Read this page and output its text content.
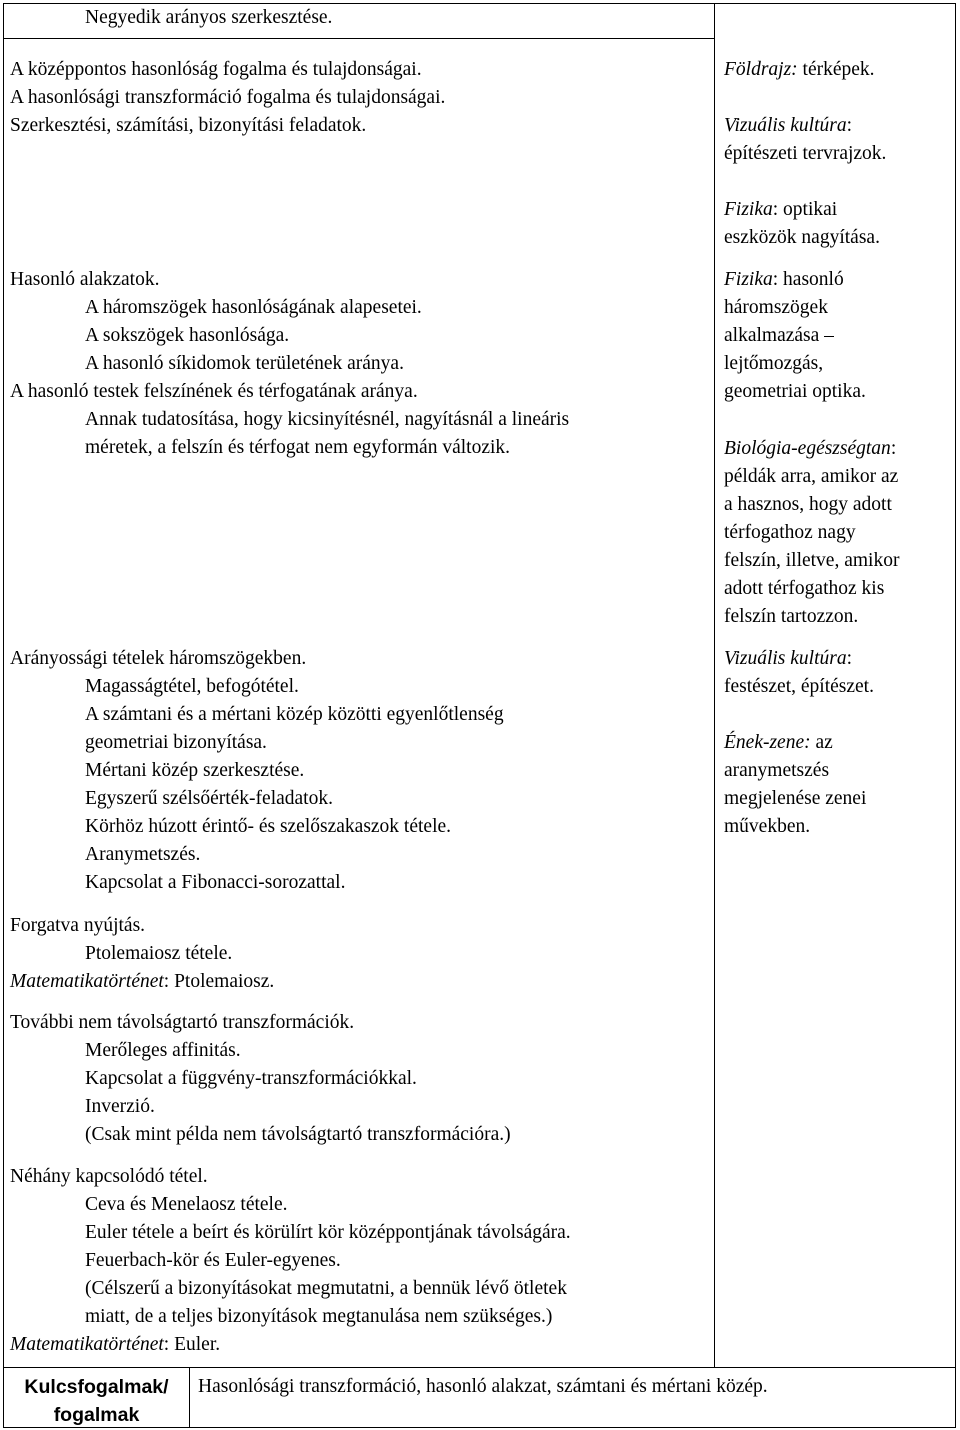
Negyedik arányos szerkesztése.
A középpontos hasonlóság fogalma és tulajdonságai.
A hasonlósági transzformáció fogalma és tulajdonságai.
Szerkesztési, számítási, bizonyítási feladatok.
Hasonló alakzatok.
A háromszögek hasonlóságának alapesetei.
A sokszögek hasonlósága.
A hasonló síkidomok területének aránya.
A hasonló testek felszínének és térfogatának aránya.
Annak tudatosítása, hogy kicsinyítésnél, nagyításnál a lineáris
méretek, a felszín és térfogat nem egyformán változik.
Arányossági tételek háromszögekben.
Magasságtétel, befogótétel.
A számtani és a mértani közép közötti egyenlőtlenség
geometriai bizonyítása.
Mértani közép szerkesztése.
Egyszerű szélsőérték-feladatok.
Körhöz húzott érintő- és szelőszakaszok tétele.
Aranymetszés.
Kapcsolat a Fibonacci-sorozattal.
Forgatva nyújtás.
Ptolemaiosz tétele.
Matematikatörténet: Ptolemaiosz.
További nem távolságtartó transzformációk.
Merőleges affinitás.
Kapcsolat a függvény-transzformációkkal.
Inverzió.
(Csak mint példa nem távolságtartó transzformációra.)
Néhány kapcsolódó tétel.
Ceva és Menelaosz tétele.
Euler tétele a beírt és körülírt kör középpontjának távolságára.
Feuerbach-kör és Euler-egyenes.
(Célszerű a bizonyításokat megmutatni, a bennük lévő ötletek
miatt, de a teljes bizonyítások megtanulása nem szükséges.)
Matematikatörténet: Euler.
Földrajz: térképek.
Vizuális kultúra:
építészeti tervrajzok.
Fizika: optikai
eszközök nagyítása.
Fizika: hasonló
háromszögek
alkalmazása –
lejtőmozgás,
geometriai optika.
Biológia-egészségtan:
példák arra, amikor az
a hasznos, hogy adott
térfogathoz nagy
felszín, illetve, amikor
adott térfogathoz kis
felszín tartozzon.
Vizuális kultúra:
festészet, építészet.
Ének-zene: az
aranymetszés
megjelenése zenei
művekben.
Kulcsfogalmak/
fogalmak
Hasonlósági transzformáció, hasonló alakzat, számtani és mértani közép.
